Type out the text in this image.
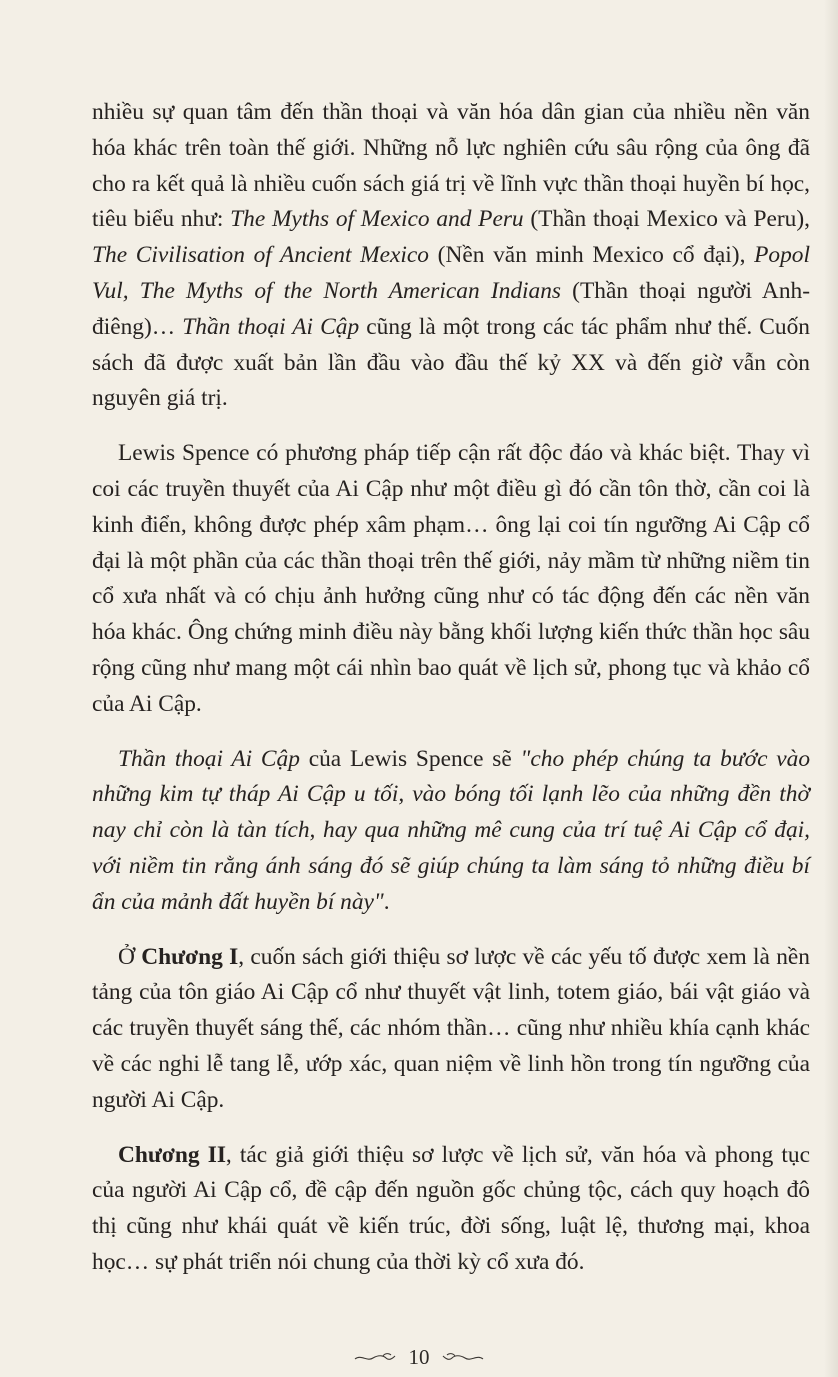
nhiều sự quan tâm đến thần thoại và văn hóa dân gian của nhiều nền văn hóa khác trên toàn thế giới. Những nỗ lực nghiên cứu sâu rộng của ông đã cho ra kết quả là nhiều cuốn sách giá trị về lĩnh vực thần thoại huyền bí học, tiêu biểu như: The Myths of Mexico and Peru (Thần thoại Mexico và Peru), The Civilisation of Ancient Mexico (Nền văn minh Mexico cổ đại), Popol Vul, The Myths of the North American Indians (Thần thoại người Anh-điêng)… Thần thoại Ai Cập cũng là một trong các tác phẩm như thế. Cuốn sách đã được xuất bản lần đầu vào đầu thế kỷ XX và đến giờ vẫn còn nguyên giá trị.

Lewis Spence có phương pháp tiếp cận rất độc đáo và khác biệt. Thay vì coi các truyền thuyết của Ai Cập như một điều gì đó cần tôn thờ, cần coi là kinh điển, không được phép xâm phạm… ông lại coi tín ngưỡng Ai Cập cổ đại là một phần của các thần thoại trên thế giới, nảy mầm từ những niềm tin cổ xưa nhất và có chịu ảnh hưởng cũng như có tác động đến các nền văn hóa khác. Ông chứng minh điều này bằng khối lượng kiến thức thần học sâu rộng cũng như mang một cái nhìn bao quát về lịch sử, phong tục và khảo cổ của Ai Cập.

Thần thoại Ai Cập của Lewis Spence sẽ "cho phép chúng ta bước vào những kim tự tháp Ai Cập u tối, vào bóng tối lạnh lẽo của những đền thờ nay chỉ còn là tàn tích, hay qua những mê cung của trí tuệ Ai Cập cổ đại, với niềm tin rằng ánh sáng đó sẽ giúp chúng ta làm sáng tỏ những điều bí ẩn của mảnh đất huyền bí này".

Ở Chương I, cuốn sách giới thiệu sơ lược về các yếu tố được xem là nền tảng của tôn giáo Ai Cập cổ như thuyết vật linh, totem giáo, bái vật giáo và các truyền thuyết sáng thế, các nhóm thần… cũng như nhiều khía cạnh khác về các nghi lễ tang lễ, ướp xác, quan niệm về linh hồn trong tín ngưỡng của người Ai Cập.

Chương II, tác giả giới thiệu sơ lược về lịch sử, văn hóa và phong tục của người Ai Cập cổ, đề cập đến nguồn gốc chủng tộc, cách quy hoạch đô thị cũng như khái quát về kiến trúc, đời sống, luật lệ, thương mại, khoa học… sự phát triển nói chung của thời kỳ cổ xưa đó.

10
